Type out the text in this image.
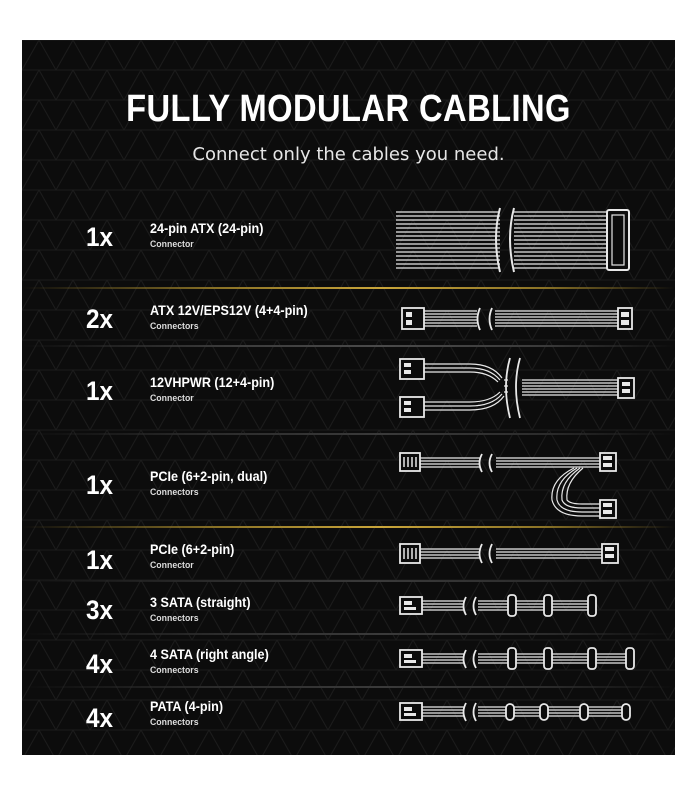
FULLY MODULAR CABLING
Connect only the cables you need.
1x	24-pin ATX (24-pin)
Connector
2x	ATX 12V/EPS12V (4+4-pin)
Connectors
1x	12VHPWR (12+4-pin)
Connector
1x	PCIe (6+2-pin, dual)
Connectors
1x	PCIe (6+2-pin)
Connector
3x	3 SATA (straight)
Connectors
4x	4 SATA (right angle)
Connectors
4x	PATA (4-pin)
Connectors
